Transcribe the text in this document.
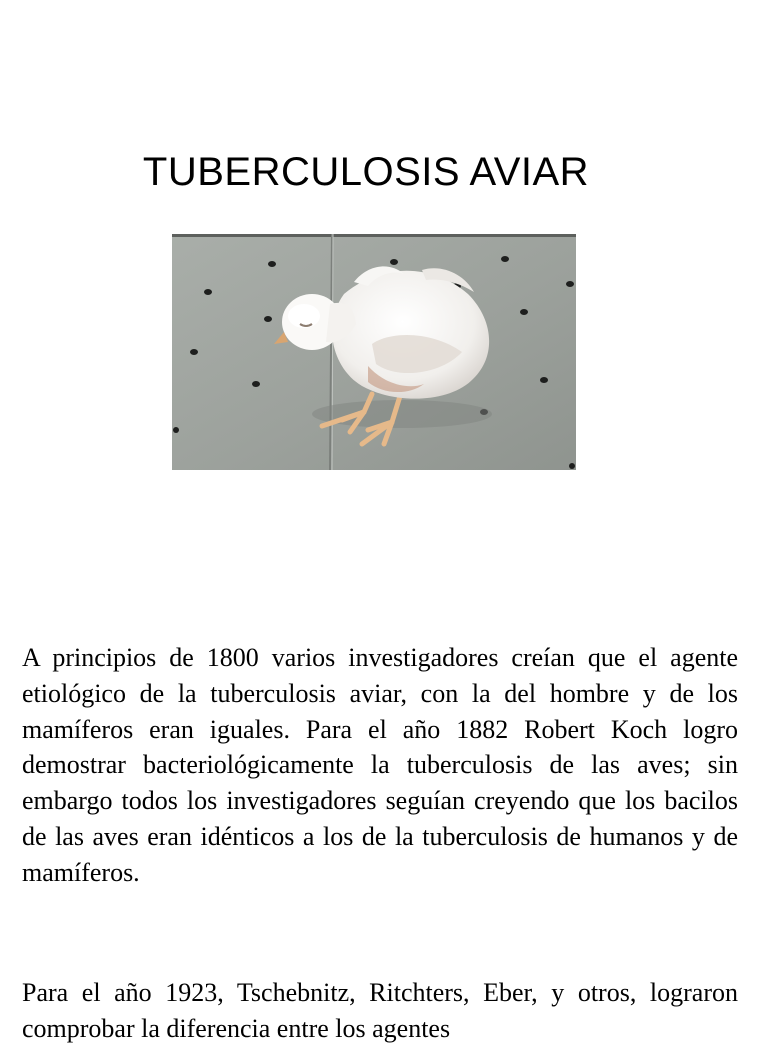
TUBERCULOSIS AVIAR

A principios de 1800 varios investigadores creían que el agente etiológico de la tuberculosis aviar, con la del hombre y de los mamíferos eran iguales. Para el año 1882 Robert Koch logro demostrar bacteriológicamente la tuberculosis de las aves; sin embargo todos los investigadores seguían creyendo que los bacilos de las aves eran idénticos a los de la tuberculosis de humanos y de mamíferos.

Para el año 1923, Tschebnitz, Ritchters, Eber, y otros, lograron comprobar la diferencia entre los agentes
